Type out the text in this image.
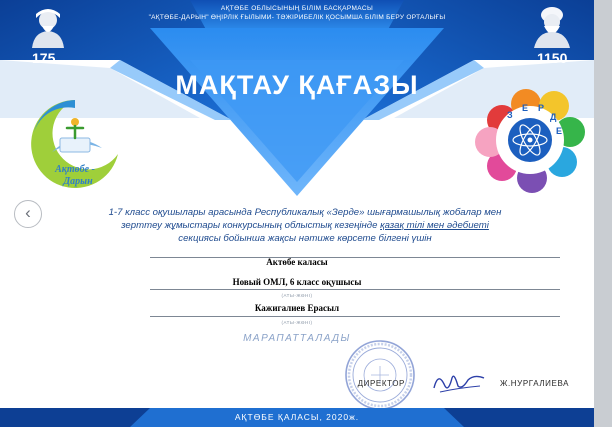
АҚТӨБЕ ОБЛЫСЫНЫҢ БІЛІМ БАСҚАРМАСЫ
"АҚТӨБЕ-ДАРЫН" ӨҢІРЛІК ҒЫЛЫМИ- ТӘЖІРИБЕЛІК ҚОСЫМША БІЛІМ БЕРУ ОРТАЛЫҒЫ
175	1150
МАҚТАУ ҚАҒАЗЫ
Ақтөбе -
Дарын
З
Е Р
Д
Е
1-7 класс оқушылары арасында Республикалық «Зерде» шығармашылық жобалар мен
зерттеу жұмыстары конкурсының облыстық кезеңінде қазақ тілі мен әдебиеті
секциясы бойынша жақсы нәтиже көрсете білгені үшін
Актөбе каласы
Новый ОМЛ, 6 класс оқушысы
(АТЫ-ЖӨНІ)
Кажигалиев Ерасыл
(АТЫ-ЖӨНІ)
МАРАПАТТАЛАДЫ
ДИРЕКТОР	Ж.НУРГАЛИЕВА
АҚТӨБЕ ҚАЛАСЫ, 2020ж.
‹
